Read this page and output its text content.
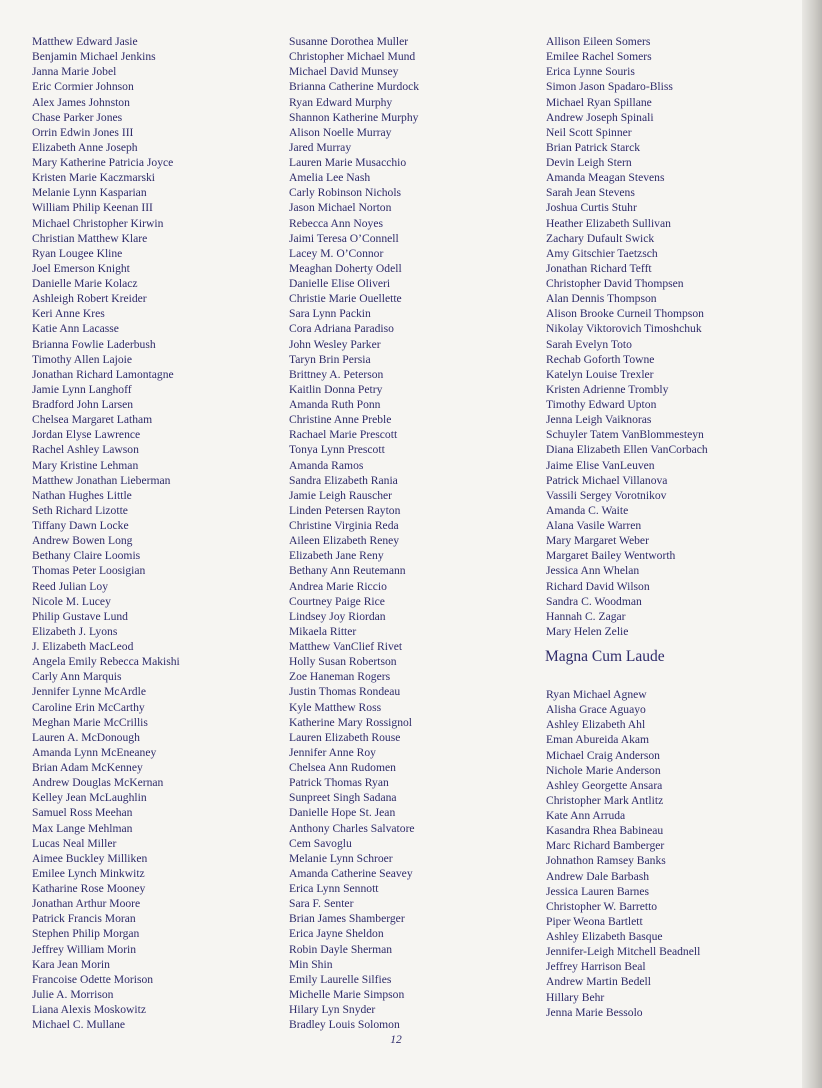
Matthew Edward Jasie
Benjamin Michael Jenkins
Janna Marie Jobel
Eric Cormier Johnson
Alex James Johnston
Chase Parker Jones
Orrin Edwin Jones III
Elizabeth Anne Joseph
Mary Katherine Patricia Joyce
Kristen Marie Kaczmarski
Melanie Lynn Kasparian
William Philip Keenan III
Michael Christopher Kirwin
Christian Matthew Klare
Ryan Lougee Kline
Joel Emerson Knight
Danielle Marie Kolacz
Ashleigh Robert Kreider
Keri Anne Kres
Katie Ann Lacasse
Brianna Fowlie Laderbush
Timothy Allen Lajoie
Jonathan Richard Lamontagne
Jamie Lynn Langhoff
Bradford John Larsen
Chelsea Margaret Latham
Jordan Elyse Lawrence
Rachel Ashley Lawson
Mary Kristine Lehman
Matthew Jonathan Lieberman
Nathan Hughes Little
Seth Richard Lizotte
Tiffany Dawn Locke
Andrew Bowen Long
Bethany Claire Loomis
Thomas Peter Loosigian
Reed Julian Loy
Nicole M. Lucey
Philip Gustave Lund
Elizabeth J. Lyons
J. Elizabeth MacLeod
Angela Emily Rebecca Makishi
Carly Ann Marquis
Jennifer Lynne McArdle
Caroline Erin McCarthy
Meghan Marie McCrillis
Lauren A. McDonough
Amanda Lynn McEneaney
Brian Adam McKenney
Andrew Douglas McKernan
Kelley Jean McLaughlin
Samuel Ross Meehan
Max Lange Mehlman
Lucas Neal Miller
Aimee Buckley Milliken
Emilee Lynch Minkwitz
Katharine Rose Mooney
Jonathan Arthur Moore
Patrick Francis Moran
Stephen Philip Morgan
Jeffrey William Morin
Kara Jean Morin
Francoise Odette Morison
Julie A. Morrison
Liana Alexis Moskowitz
Michael C. Mullane
Susanne Dorothea Muller
Christopher Michael Mund
Michael David Munsey
Brianna Catherine Murdock
Ryan Edward Murphy
Shannon Katherine Murphy
Alison Noelle Murray
Jared Murray
Lauren Marie Musacchio
Amelia Lee Nash
Carly Robinson Nichols
Jason Michael Norton
Rebecca Ann Noyes
Jaimi Teresa O’Connell
Lacey M. O’Connor
Meaghan Doherty Odell
Danielle Elise Oliveri
Christie Marie Ouellette
Sara Lynn Packin
Cora Adriana Paradiso
John Wesley Parker
Taryn Brin Persia
Brittney A. Peterson
Kaitlin Donna Petry
Amanda Ruth Ponn
Christine Anne Preble
Rachael Marie Prescott
Tonya Lynn Prescott
Amanda Ramos
Sandra Elizabeth Rania
Jamie Leigh Rauscher
Linden Petersen Rayton
Christine Virginia Reda
Aileen Elizabeth Reney
Elizabeth Jane Reny
Bethany Ann Reutemann
Andrea Marie Riccio
Courtney Paige Rice
Lindsey Joy Riordan
Mikaela Ritter
Matthew VanClief Rivet
Holly Susan Robertson
Zoe Haneman Rogers
Justin Thomas Rondeau
Kyle Matthew Ross
Katherine Mary Rossignol
Lauren Elizabeth Rouse
Jennifer Anne Roy
Chelsea Ann Rudomen
Patrick Thomas Ryan
Sunpreet Singh Sadana
Danielle Hope St. Jean
Anthony Charles Salvatore
Cem Savoglu
Melanie Lynn Schroer
Amanda Catherine Seavey
Erica Lynn Sennott
Sara F. Senter
Brian James Shamberger
Erica Jayne Sheldon
Robin Dayle Sherman
Min Shin
Emily Laurelle Silfies
Michelle Marie Simpson
Hilary Lyn Snyder
Bradley Louis Solomon
Allison Eileen Somers
Emilee Rachel Somers
Erica Lynne Souris
Simon Jason Spadaro-Bliss
Michael Ryan Spillane
Andrew Joseph Spinali
Neil Scott Spinner
Brian Patrick Starck
Devin Leigh Stern
Amanda Meagan Stevens
Sarah Jean Stevens
Joshua Curtis Stuhr
Heather Elizabeth Sullivan
Zachary Dufault Swick
Amy Gitschier Taetzsch
Jonathan Richard Tefft
Christopher David Thompsen
Alan Dennis Thompson
Alison Brooke Curneil Thompson
Nikolay Viktorovich Timoshchuk
Sarah Evelyn Toto
Rechab Goforth Towne
Katelyn Louise Trexler
Kristen Adrienne Trombly
Timothy Edward Upton
Jenna Leigh Vaiknoras
Schuyler Tatem VanBlommesteyn
Diana Elizabeth Ellen VanCorbach
Jaime Elise VanLeuven
Patrick Michael Villanova
Vassili Sergey Vorotnikov
Amanda C. Waite
Alana Vasile Warren
Mary Margaret Weber
Margaret Bailey Wentworth
Jessica Ann Whelan
Richard David Wilson
Sandra C. Woodman
Hannah C. Zagar
Mary Helen Zelie
Magna Cum Laude
Ryan Michael Agnew
Alisha Grace Aguayo
Ashley Elizabeth Ahl
Eman Abureida Akam
Michael Craig Anderson
Nichole Marie Anderson
Ashley Georgette Ansara
Christopher Mark Antlitz
Kate Ann Arruda
Kasandra Rhea Babineau
Marc Richard Bamberger
Johnathon Ramsey Banks
Andrew Dale Barbash
Jessica Lauren Barnes
Christopher W. Barretto
Piper Weona Bartlett
Ashley Elizabeth Basque
Jennifer-Leigh Mitchell Beadnell
Jeffrey Harrison Beal
Andrew Martin Bedell
Hillary Behr
Jenna Marie Bessolo
12
